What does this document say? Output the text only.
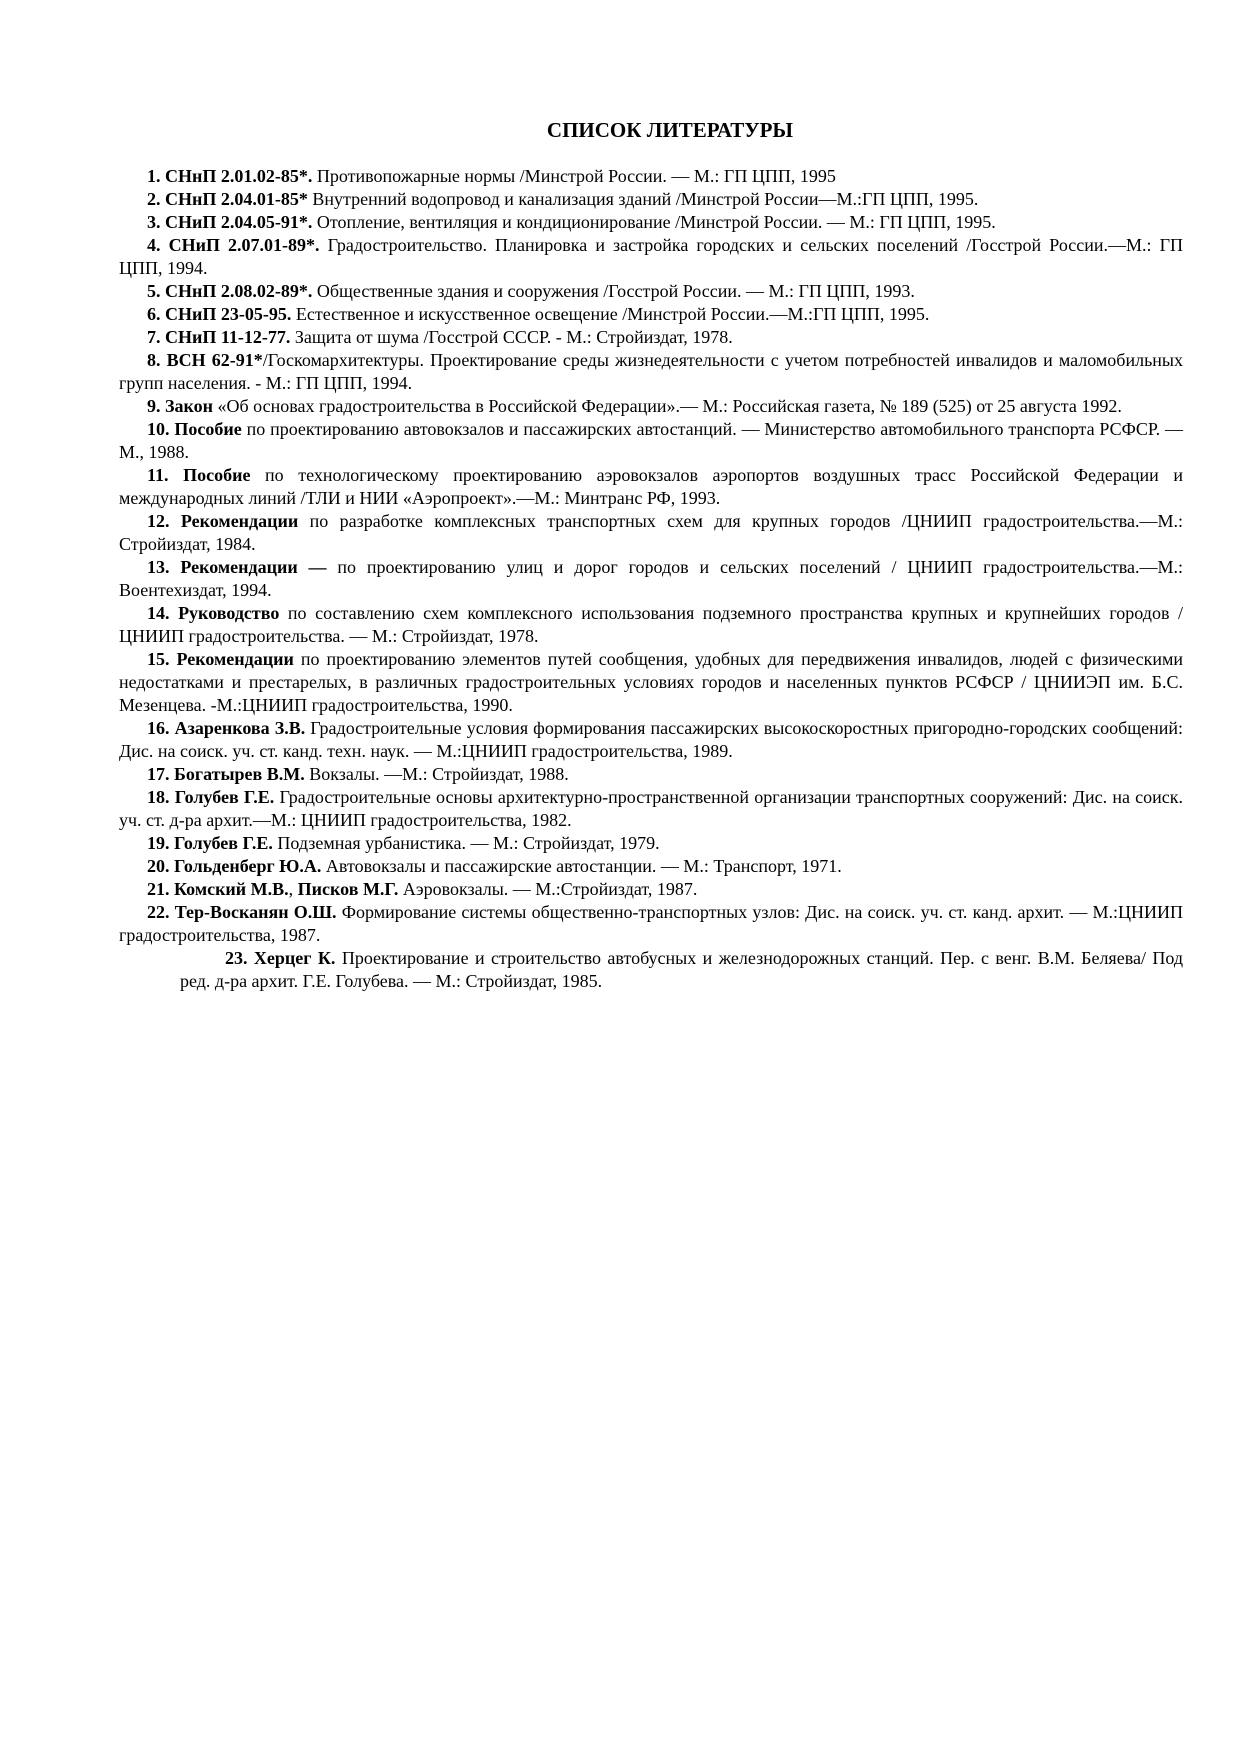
СПИСОК ЛИТЕРАТУРЫ
1. СНнП 2.01.02-85*. Противопожарные нормы /Минстрой России. — М.: ГП ЦПП, 1995
2. СНнП 2.04.01-85* Внутренний водопровод и канализация зданий /Минстрой России—М.:ГП ЦПП, 1995.
3. СНиП 2.04.05-91*. Отопление, вентиляция и кондиционирование /Минстрой России. — М.: ГП ЦПП, 1995.
4. СНиП 2.07.01-89*. Градостроительство. Планировка и застройка городских и сельских поселений /Госстрой России.—М.: ГП ЦПП, 1994.
5. СНнП 2.08.02-89*. Общественные здания и сооружения /Госстрой России. — М.: ГП ЦПП, 1993.
6. СНиП 23-05-95. Естественное и искусственное освещение /Минстрой России.—М.:ГП ЦПП, 1995.
7. СНиП 11-12-77. Защита от шума /Госстрой СССР. - М.: Стройиздат, 1978.
8. ВСН 62-91*/Госкомархитектуры. Проектирование среды жизнедеятельности с учетом потребностей инвалидов и маломобильных групп населения. - М.: ГП ЦПП, 1994.
9. Закон «Об основах градостроительства в Российской Федерации».— М.: Российская газета, № 189 (525) от 25 августа 1992.
10. Пособие по проектированию автовокзалов и пассажирских автостанций. — Министерство автомобильного транспорта РСФСР. — М., 1988.
11. Пособие по технологическому проектированию аэровокзалов аэропортов воздушных трасс Российской Федерации и международных линий /ТЛИ и НИИ «Аэропроект».—М.: Минтранс РФ, 1993.
12. Рекомендации по разработке комплексных транспортных схем для крупных городов /ЦНИИП градостроительства.—М.: Стройиздат, 1984.
13. Рекомендации — по проектированию улиц и дорог городов и сельских поселений / ЦНИИП градостроительства.—М.: Воентехиздат, 1994.
14. Руководство по составлению схем комплексного использования подземного пространства крупных и крупнейших городов /ЦНИИП градостроительства. — М.: Стройиздат, 1978.
15. Рекомендации по проектированию элементов путей сообщения, удобных для передвижения инвалидов, людей с физическими недостатками и престарелых, в различных градостроительных условиях городов и населенных пунктов РСФСР / ЦНИИЭП им. Б.С. Мезенцева. -М.:ЦНИИП градостроительства, 1990.
16. Азаренкова З.В. Градостроительные условия формирования пассажирских высокоскоростных пригородно-городских сообщений: Дис. на соиск. уч. ст. канд. техн. наук. — М.:ЦНИИП градостроительства, 1989.
17. Богатырев В.М. Вокзалы. —М.: Стройиздат, 1988.
18. Голубев Г.Е. Градостроительные основы архитектурно-пространственной организации транспортных сооружений: Дис. на соиск. уч. ст. д-ра архит.—М.: ЦНИИП градостроительства, 1982.
19. Голубев Г.Е. Подземная урбанистика. — М.: Стройиздат, 1979.
20. Гольденберг Ю.А. Автовокзалы и пассажирские автостанции. — М.: Транспорт, 1971.
21. Комский М.В., Писков М.Г. Аэровокзалы. — М.:Стройиздат, 1987.
22. Тер-Восканян О.Ш. Формирование системы общественно-транспортных узлов: Дис. на соиск. уч. ст. канд. архит. — М.:ЦНИИП градостроительства, 1987.
23. Херцег К. Проектирование и строительство автобусных и железнодорожных станций. Пер. с венг. В.М. Беляева/ Под ред. д-ра архит. Г.Е. Голубева. — М.: Стройиздат, 1985.
